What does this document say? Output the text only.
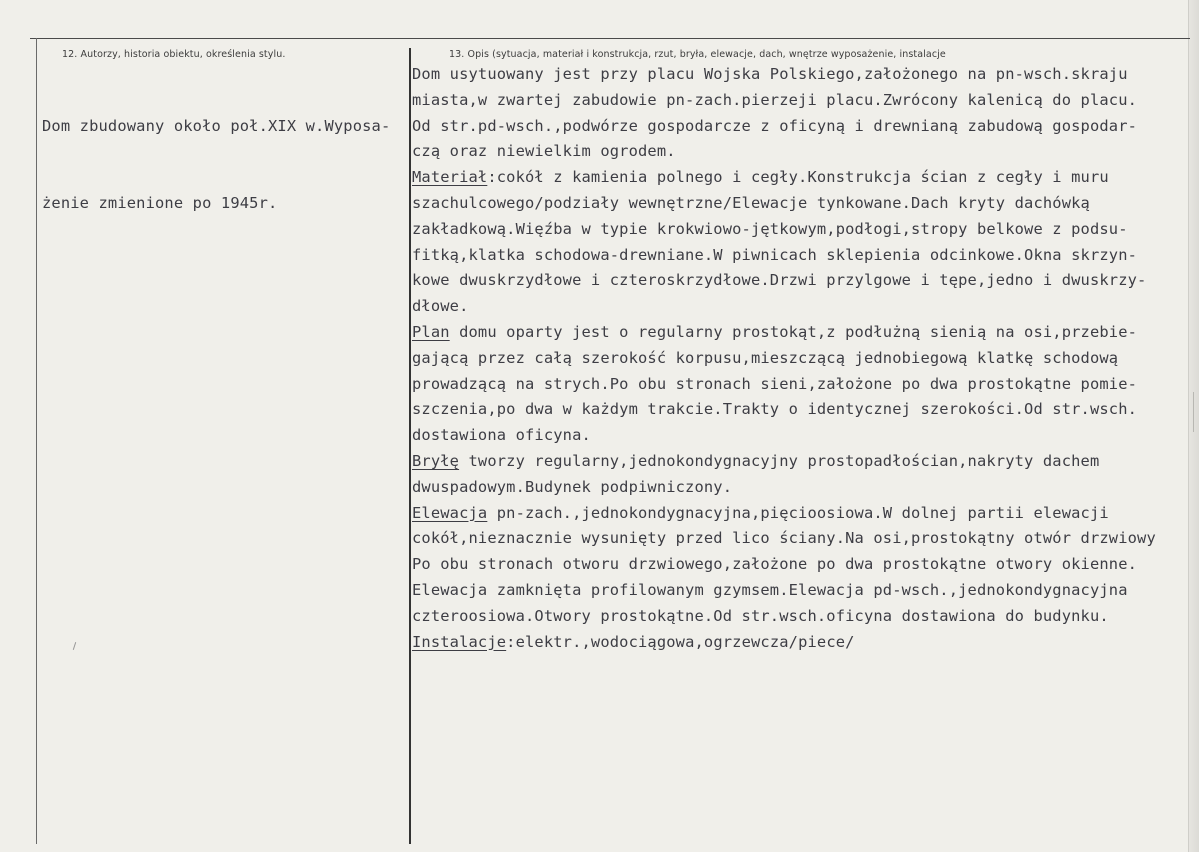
12. Autorzy, historia obiektu, określenia stylu.	13. Opis (sytuacja, materiał i konstrukcja, rzut, bryła, elewacje, dach, wnętrze wyposażenie, instalacje

Dom zbudowany około poł.XIX w.Wyposa-

żenie zmienione po 1945r.

Dom usytuowany jest przy placu Wojska Polskiego,założonego na pn-wsch.skraju
miasta,w zwartej zabudowie pn-zach.pierzeji placu.Zwrócony kalenicą do placu.
Od str.pd-wsch.,podwórze gospodarcze z oficyną i drewnianą zabudową gospodar-
czą oraz niewielkim ogrodem.
Materiał:cokół z kamienia polnego i cegły.Konstrukcja ścian z cegły i muru
szachulcowego/podziały wewnętrzne/Elewacje tynkowane.Dach kryty dachówką
zakładkową.Więźba w typie krokwiowo-jętkowym,podłogi,stropy belkowe z podsu-
fitką,klatka schodowa-drewniane.W piwnicach sklepienia odcinkowe.Okna skrzyn-
kowe dwuskrzydłowe i czteroskrzydłowe.Drzwi przylgowe i tępe,jedno i dwuskrzy-
dłowe.
Plan domu oparty jest o regularny prostokąt,z podłużną sienią na osi,przebie-
gającą przez całą szerokość korpusu,mieszczącą jednobiegową klatkę schodową
prowadzącą na strych.Po obu stronach sieni,założone po dwa prostokątne pomie-
szczenia,po dwa w każdym trakcie.Trakty o identycznej szerokości.Od str.wsch.
dostawiona oficyna.
Bryłę tworzy regularny,jednokondygnacyjny prostopadłościan,nakryty dachem
dwuspadowym.Budynek podpiwniczony.
Elewacja pn-zach.,jednokondygnacyjna,pięcioosiowa.W dolnej partii elewacji
cokół,nieznacznie wysunięty przed lico ściany.Na osi,prostokątny otwór drzwiowy
Po obu stronach otworu drzwiowego,założone po dwa prostokątne otwory okienne.
Elewacja zamknięta profilowanym gzymsem.Elewacja pd-wsch.,jednokondygnacyjna
czteroosiowa.Otwory prostokątne.Od str.wsch.oficyna dostawiona do budynku.
Instalacje:elektr.,wodociągowa,ogrzewcza/piece/
